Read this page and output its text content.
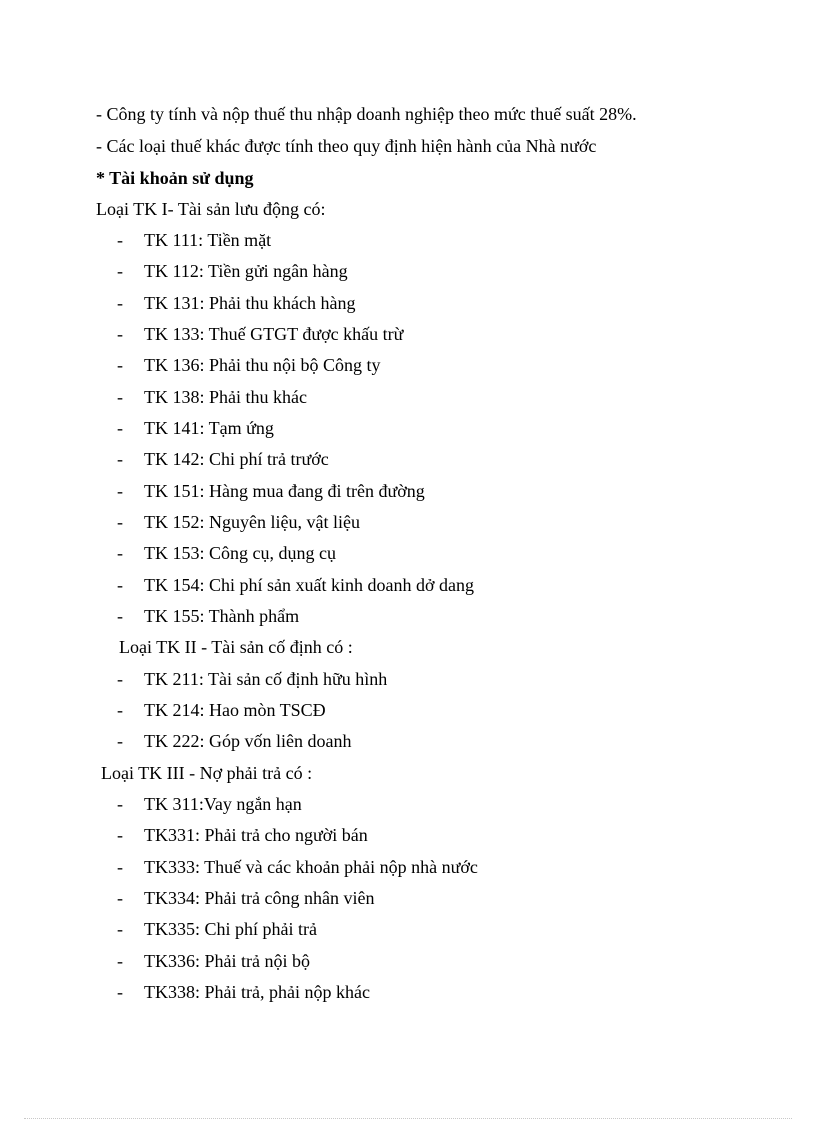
- Công ty tính và nộp thuế thu nhập doanh nghiệp theo mức thuế suất 28%.
- Các loại thuế khác được tính theo quy định hiện hành của Nhà nước
* Tài khoản sử dụng
Loại TK I- Tài sản lưu động có:
- TK 111: Tiền mặt
- TK 112: Tiền gửi ngân hàng
- TK 131: Phải thu khách hàng
- TK 133: Thuế GTGT được khấu trừ
- TK 136: Phải thu nội bộ Công ty
- TK 138: Phải thu khác
- TK 141: Tạm ứng
- TK 142: Chi phí trả trước
- TK 151: Hàng mua đang đi trên đường
- TK 152: Nguyên liệu, vật liệu
- TK 153: Công cụ, dụng cụ
- TK 154: Chi phí sản xuất kinh doanh dở dang
- TK 155: Thành phẩm
Loại TK II - Tài sản cố định có :
- TK 211: Tài sản cố định hữu hình
- TK 214: Hao mòn TSCĐ
- TK 222: Góp vốn liên doanh
Loại TK III - Nợ phải trả có :
- TK 311:Vay ngắn hạn
- TK331: Phải trả cho người bán
- TK333: Thuế và các khoản phải nộp nhà nước
- TK334: Phải trả công nhân viên
- TK335: Chi phí phải trả
- TK336: Phải trả nội bộ
- TK338: Phải trả, phải nộp khác
